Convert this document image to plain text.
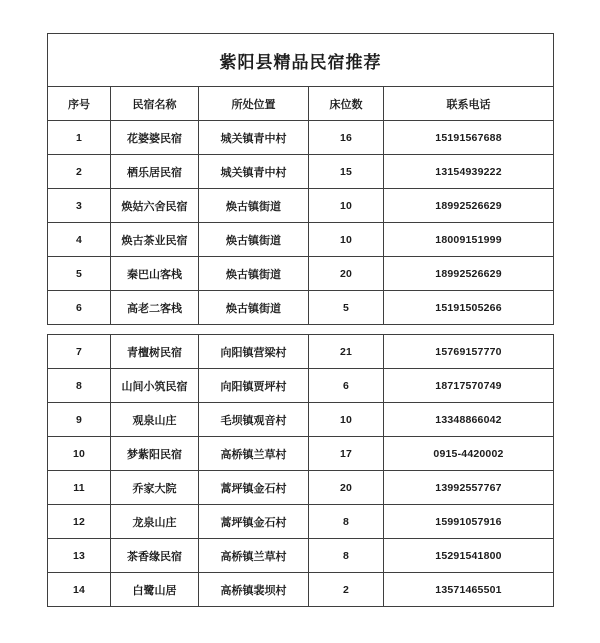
紫阳县精品民宿推荐				
序号	民宿名称	所处位置	床位数	联系电话
1	花婆婆民宿	城关镇青中村	16	15191567688
2	栖乐居民宿	城关镇青中村	15	13154939222
3	焕姑六舍民宿	焕古镇街道	10	18992526629
4	焕古茶业民宿	焕古镇街道	10	18009151999
5	秦巴山客栈	焕古镇街道	20	18992526629
6	高老二客栈	焕古镇街道	5	15191505266
7	青檀树民宿	向阳镇营梁村	21	15769157770
8	山间小筑民宿	向阳镇贾坪村	6	18717570749
9	观泉山庄	毛坝镇观音村	10	13348866042
10	梦紫阳民宿	高桥镇兰草村	17	0915-4420002
11	乔家大院	蒿坪镇金石村	20	13992557767
12	龙泉山庄	蒿坪镇金石村	8	15991057916
13	茶香缘民宿	高桥镇兰草村	8	15291541800
14	白鹭山居	高桥镇裴坝村	2	13571465501
